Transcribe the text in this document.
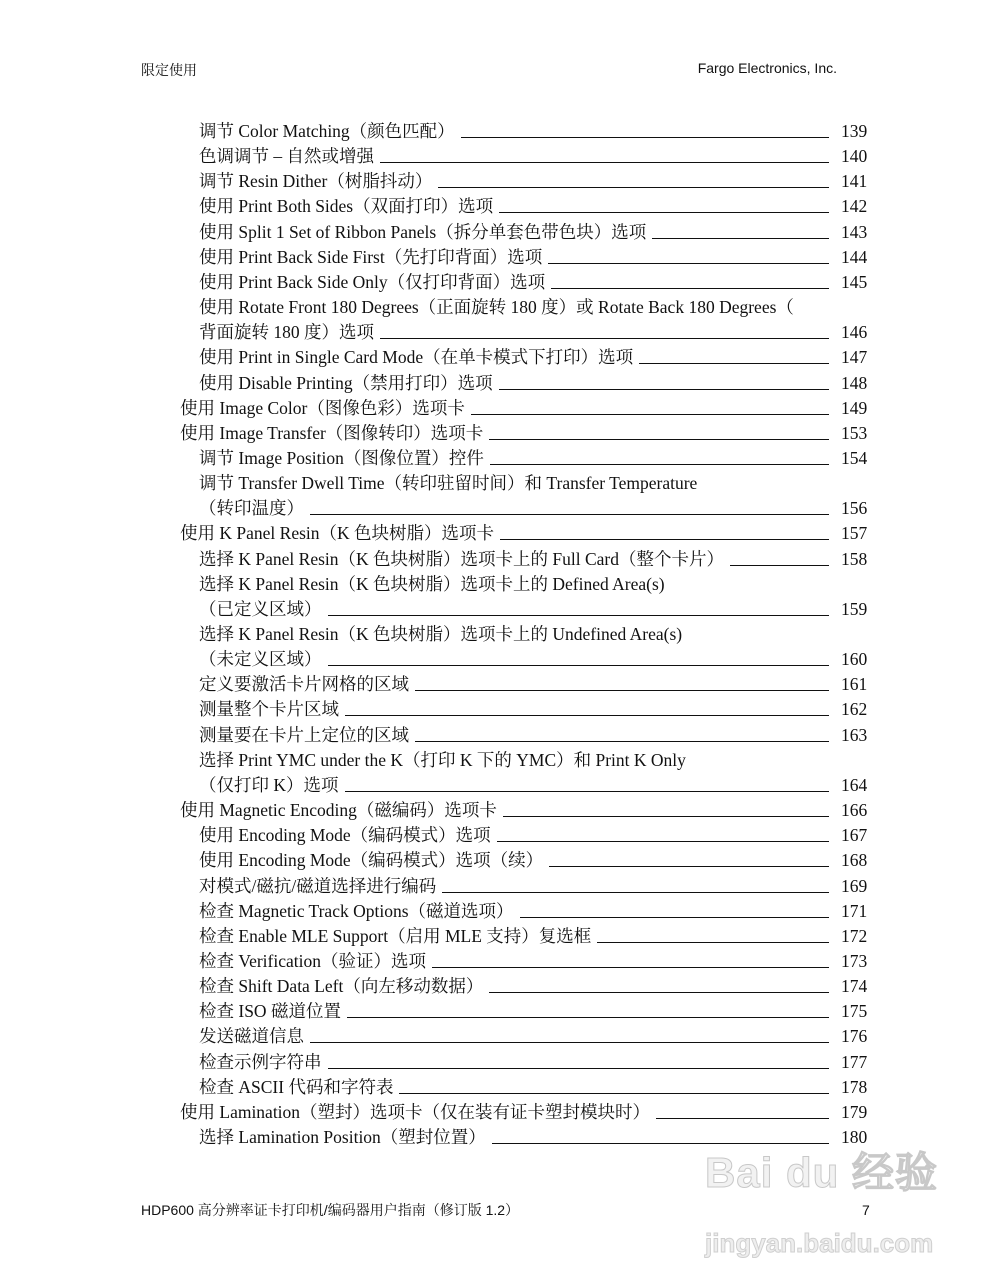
限定使用	Fargo Electronics, Inc.
调节 Color Matching（颜色匹配）	139
色调调节 – 自然或增强	140
调节 Resin Dither（树脂抖动）	141
使用 Print Both Sides（双面打印）选项	142
使用 Split 1 Set of Ribbon Panels（拆分单套色带色块）选项	143
使用 Print Back Side First（先打印背面）选项	144
使用 Print Back Side Only（仅打印背面）选项	145
使用 Rotate Front 180 Degrees（正面旋转 180 度）或 Rotate Back 180 Degrees（
背面旋转 180 度）选项	146
使用 Print in Single Card Mode（在单卡模式下打印）选项	147
使用 Disable Printing（禁用打印）选项	148
使用 Image Color（图像色彩）选项卡	149
使用 Image Transfer（图像转印）选项卡	153
调节 Image Position（图像位置）控件	154
调节 Transfer Dwell Time（转印驻留时间）和 Transfer Temperature
（转印温度）	156
使用 K Panel Resin（K 色块树脂）选项卡	157
选择 K Panel Resin（K 色块树脂）选项卡上的 Full Card（整个卡片）	158
选择 K Panel Resin（K 色块树脂）选项卡上的 Defined Area(s)
（已定义区域）	159
选择 K Panel Resin（K 色块树脂）选项卡上的 Undefined Area(s)
（未定义区域）	160
定义要激活卡片网格的区域	161
测量整个卡片区域	162
测量要在卡片上定位的区域	163
选择 Print YMC under the K（打印 K 下的 YMC）和 Print K Only
（仅打印 K）选项	164
使用 Magnetic Encoding（磁编码）选项卡	166
使用 Encoding Mode（编码模式）选项	167
使用 Encoding Mode（编码模式）选项（续）	168
对模式/磁抗/磁道选择进行编码	169
检查 Magnetic Track Options（磁道选项）	171
检查 Enable MLE Support（启用 MLE 支持）复选框	172
检查 Verification（验证）选项	173
检查 Shift Data Left（向左移动数据）	174
检查 ISO 磁道位置	175
发送磁道信息	176
检查示例字符串	177
检查 ASCII 代码和字符表	178
使用 Lamination（塑封）选项卡（仅在装有证卡塑封模块时）	179
选择 Lamination Position（塑封位置）	180
Bai du 经验
HDP600 高分辨率证卡打印机/编码器用户指南（修订版 1.2）	7
jingyan.baidu.com
